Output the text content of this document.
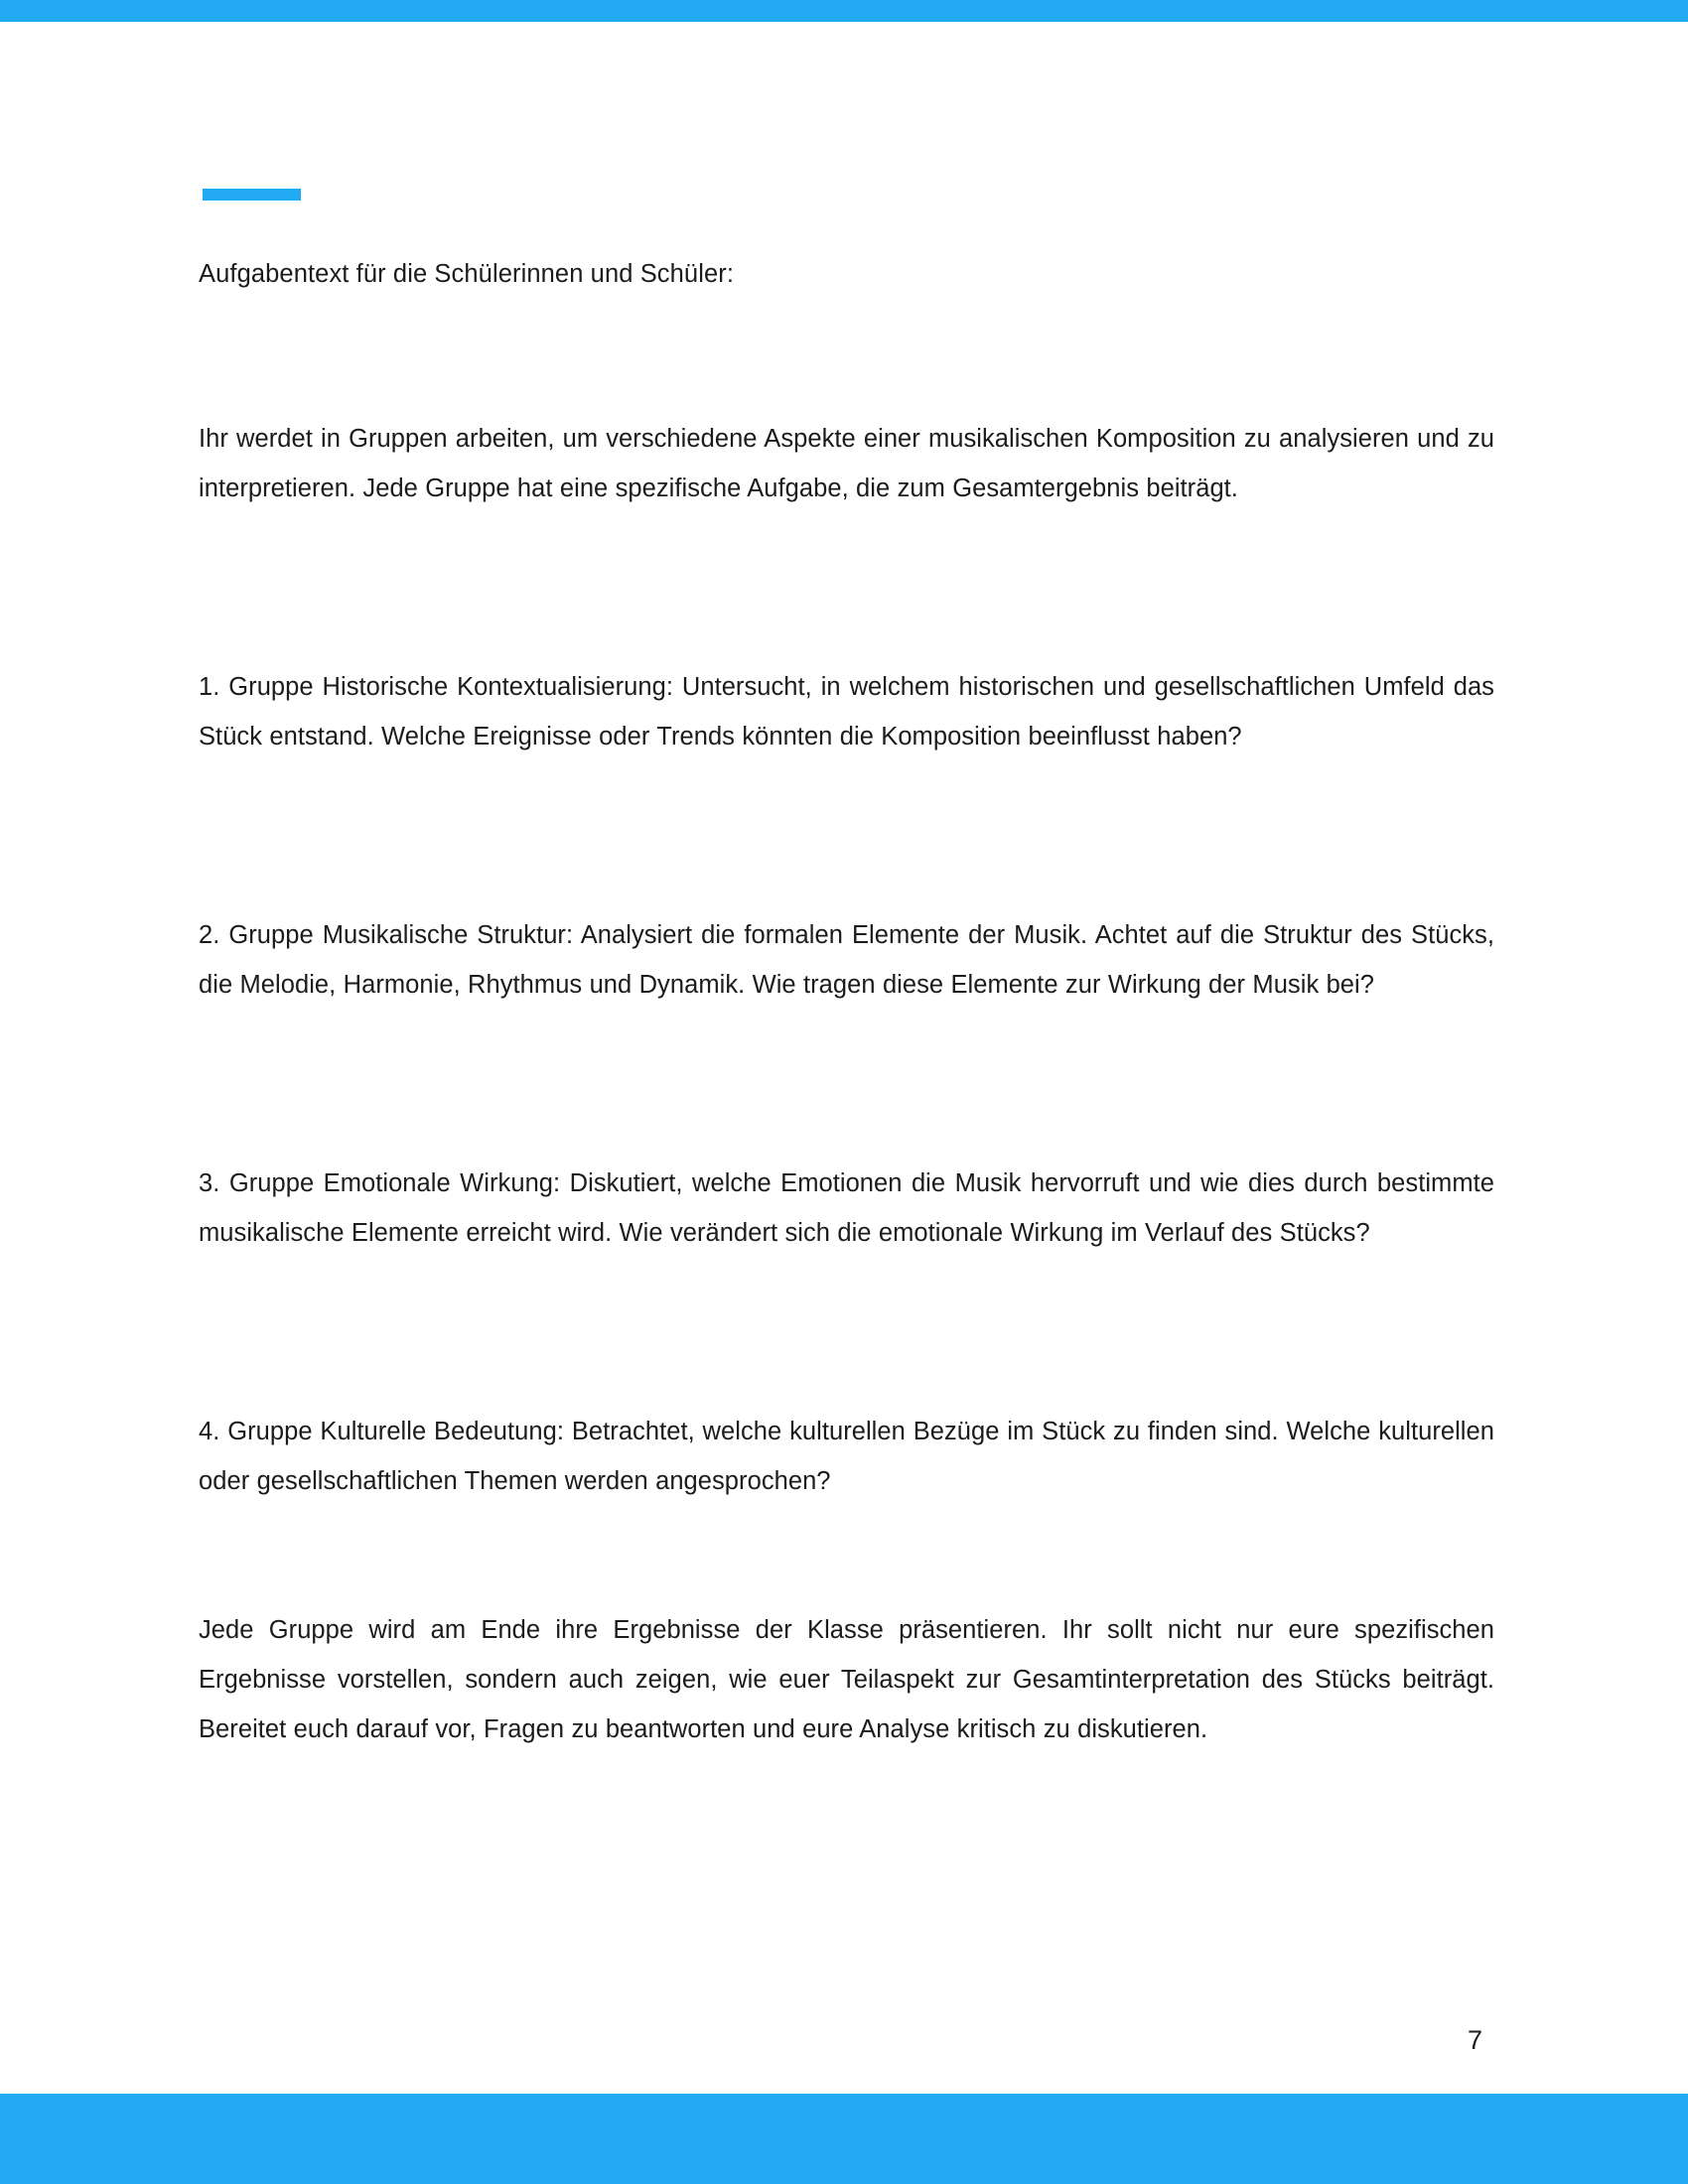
Aufgabentext für die Schülerinnen und Schüler:

Ihr werdet in Gruppen arbeiten, um verschiedene Aspekte einer musikalischen Komposition zu analysieren und zu interpretieren. Jede Gruppe hat eine spezifische Aufgabe, die zum Gesamtergebnis beiträgt.

1. Gruppe Historische Kontextualisierung: Untersucht, in welchem historischen und gesellschaftlichen Umfeld das Stück entstand. Welche Ereignisse oder Trends könnten die Komposition beeinflusst haben?

2. Gruppe Musikalische Struktur: Analysiert die formalen Elemente der Musik. Achtet auf die Struktur des Stücks, die Melodie, Harmonie, Rhythmus und Dynamik. Wie tragen diese Elemente zur Wirkung der Musik bei?

3. Gruppe Emotionale Wirkung: Diskutiert, welche Emotionen die Musik hervorruft und wie dies durch bestimmte musikalische Elemente erreicht wird. Wie verändert sich die emotionale Wirkung im Verlauf des Stücks?

4. Gruppe Kulturelle Bedeutung: Betrachtet, welche kulturellen Bezüge im Stück zu finden sind. Welche kulturellen oder gesellschaftlichen Themen werden angesprochen?

Jede Gruppe wird am Ende ihre Ergebnisse der Klasse präsentieren. Ihr sollt nicht nur eure spezifischen Ergebnisse vorstellen, sondern auch zeigen, wie euer Teilaspekt zur Gesamtinterpretation des Stücks beiträgt. Bereitet euch darauf vor, Fragen zu beantworten und eure Analyse kritisch zu diskutieren.

7
